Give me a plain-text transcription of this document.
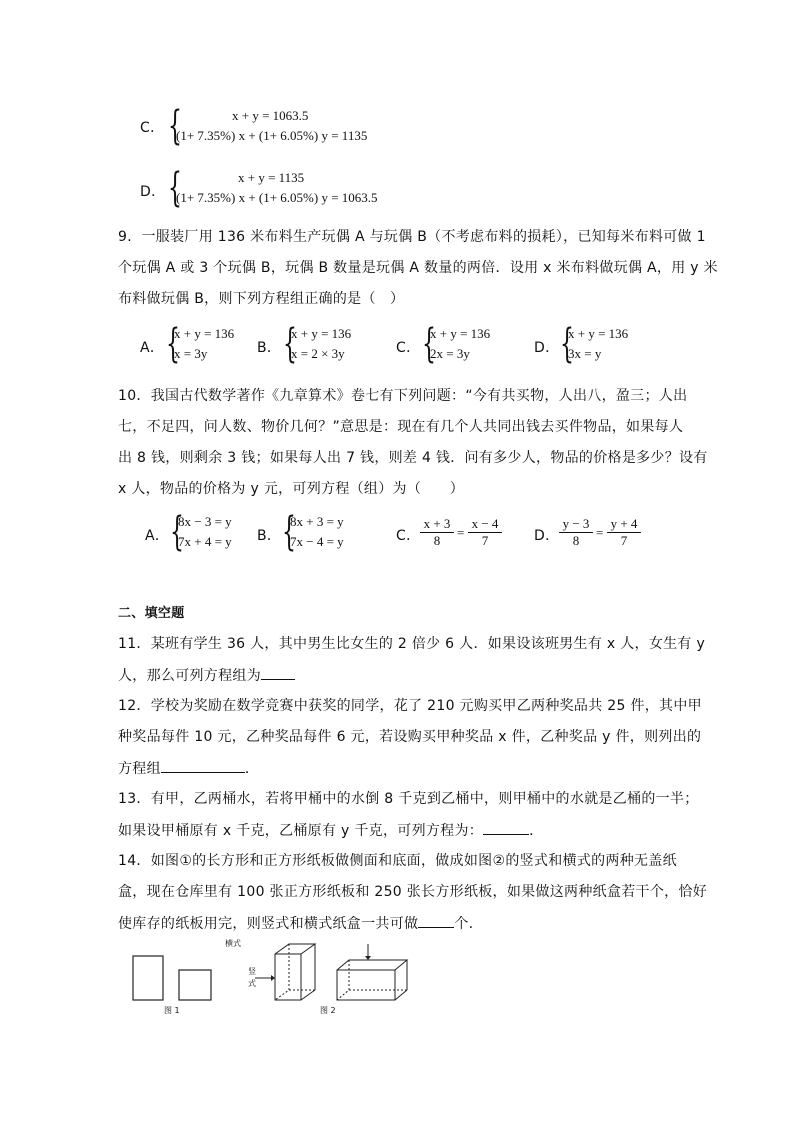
C． {	x + y = 1063.5
(1+ 7.35%) x + (1+ 6.05%) y = 1135
D． {	x + y = 1135
(1+ 7.35%) x + (1+ 6.05%) y = 1063.5
9．一服装厂用 136 米布料生产玩偶 A 与玩偶 B（不考虑布料的损耗），已知每米布料可做 1
个玩偶 A 或 3 个玩偶 B，玩偶 B 数量是玩偶 A 数量的两倍．设用 x 米布料做玩偶 A，用 y 米
布料做玩偶 B，则下列方程组正确的是（　）
A． {
x + y = 136
x = 3y	B． {
x + y = 136
x = 2 × 3y	C． {
x + y = 136
2x = 3y	D． {
x + y = 136
3x = y
10．我国古代数学著作《九章算术》卷七有下列问题：“今有共买物，人出八，盈三；人出
七，不足四，问人数、物价几何？”意思是：现在有几个人共同出钱去买件物品，如果每人
出 8 钱，则剩余 3 钱；如果每人出 7 钱，则差 4 钱．问有多少人，物品的价格是多少？设有
x 人，物品的价格为 y 元，可列方程（组）为（　　）
A． {
8x − 3 = y
7x + 4 = y B． {
8x + 3 = y
7x − 4 = y	C． $\frac{x + 3}{8} = \frac{x - 4}{7}$ D． $\frac{y - 3}{8} = \frac{y + 4}{7}$
二、填空题
11．某班有学生 36 人，其中男生比女生的 2 倍少 6 人．如果设该班男生有 x 人，女生有 y
人，那么可列方程组为
12．学校为奖励在数学竞赛中获奖的同学，花了 210 元购买甲乙两种奖品共 25 件，其中甲
种奖品每件 10 元，乙种奖品每件 6 元，若设购买甲种奖品 x 件，乙种奖品 y 件，则列出的
方程组	．
13．有甲，乙两桶水，若将甲桶中的水倒 8 千克到乙桶中，则甲桶中的水就是乙桶的一半；
如果设甲桶原有 x 千克，乙桶原有 y 千克，可列方程为：	．
14．如图①的长方形和正方形纸板做侧面和底面，做成如图②的竖式和横式的两种无盖纸
盒，现在仓库里有 100 张正方形纸板和 250 张长方形纸板，如果做这两种纸盒若干个，恰好
使库存的纸板用完，则竖式和横式纸盒一共可做	个.
横式
竖式
图 1	图 2
